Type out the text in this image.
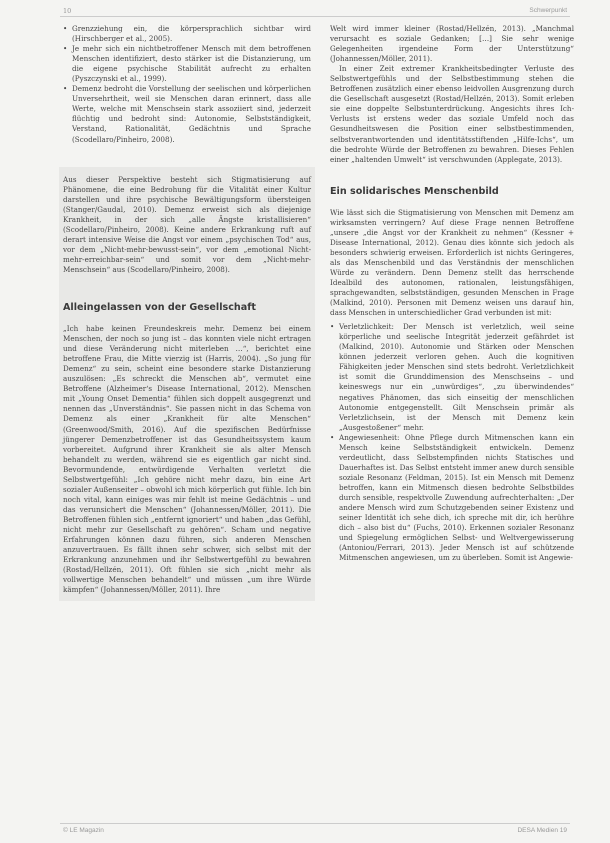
10	Schwerpunkt
• Grenzziehung ein, die körpersprachlich sichtbar wird (Hirschberger et al., 2005).
• Je mehr sich ein nichtbetroffener Mensch mit dem betroffenen Menschen identifiziert, desto stärker ist die Distanzierung, um die eigene psychische Stabilität aufrecht zu erhalten (Pyszczynski et al., 1999).
• Demenz bedroht die Vorstellung der seelischen und körperlichen Unversehrtheit, weil sie Menschen daran erinnert, dass alle Werte, welche mit Menschsein stark assoziiert sind, jederzeit flüchtig und bedroht sind: Autonomie, Selbstständigkeit, Verstand, Rationalität, Gedächtnis und Sprache (Scodellaro/Pinheiro, 2008).

Aus dieser Perspektive besteht sich Stigmatisierung auf Phänomene, die eine Bedrohung für die Vitalität einer Kultur darstellen und ihre psychische Bewältigungsform übersteigen (Stanger/Gaudal, 2010). Demenz erweist sich als diejenige Krankheit, in der sich „alle Ängste kristallisieren“ (Scodellaro/Pinheiro, 2008). Keine andere Erkrankung ruft auf derart intensive Weise die Angst vor einem „psychischen Tod“ aus, vor dem „Nicht-mehr-bewusst-sein“, vor dem „emotional Nicht-mehr-erreichbar-sein“ und somit vor dem „Nicht-mehr-Menschsein“ aus (Scodellaro/Pinheiro, 2008).

Alleingelassen von der Gesellschaft

„Ich habe keinen Freundeskreis mehr. Demenz bei einem Menschen, der noch so jung ist – das konnten viele nicht ertragen und diese Veränderung nicht miterleben …“, berichtet eine betroffene Frau, die Mitte vierzig ist (Harris, 2004). „So jung für Demenz“ zu sein, scheint eine besondere starke Distanzierung auszulösen: „Es schreckt die Menschen ab“, vermutet eine Betroffene (Alzheimer‘s Disease International, 2012). Menschen mit „Young Onset Dementia“ fühlen sich doppelt ausgegrenzt und nennen das „Unverständnis“. Sie passen nicht in das Schema von Demenz als einer „Krankheit für alte Menschen“ (Greenwood/Smith, 2016). Auf die spezifischen Bedürfnisse jüngerer Demenzbetroffener ist das Gesundheitssystem kaum vorbereitet. Aufgrund ihrer Krankheit sie als alter Mensch behandelt zu werden, während sie es eigentlich gar nicht sind. Bevormundende, entwürdigende Verhalten verletzt die Selbstwertgefühl: „Ich gehöre nicht mehr dazu, bin eine Art sozialer Außenseiter – obwohl ich mich körperlich gut fühle. Ich bin noch vital, kann einiges was mir fehlt ist meine Gedächtnis – und das verunsichert die Menschen“ (Johannessen/Möller, 2011). Die Betroffenen fühlen sich „entfernt ignoriert“ und haben „das Gefühl, nicht mehr zur Gesellschaft zu gehören“. Scham und negative Erfahrungen können dazu führen, sich anderen Menschen anzuvertrauen. Es fällt ihnen sehr schwer, sich selbst mit der Erkrankung anzunehmen und ihr Selbstwertgefühl zu bewahren (Rostad/Hellzén, 2011). Oft fühlen sie sich „nicht mehr als vollwertige Menschen behandelt“ und müssen „um ihre Würde kämpfen“ (Johannessen/Möller, 2011). Ihre

Welt wird immer kleiner (Rostad/Hellzén, 2013). „Manchmal verursacht es soziale Gedanken; […] Sie sehr wenige Gelegenheiten irgendeine Form der Unterstützung“ (Johannessen/Möller, 2011).

In einer Zeit extremer Krankheitsbedingter Verluste des Selbstwertgefühls und der Selbstbestimmung stehen die Betroffenen zusätzlich einer ebenso leidvollen Ausgrenzung durch die Gesellschaft ausgesetzt (Rostad/Hellzén, 2013). Somit erleben sie eine doppelte Selbstunterdrückung. Angesichts ihres Ich-Verlusts ist erstens weder das soziale Umfeld noch das Gesundheitswesen die Position einer selbstbestimmenden, selbstverantwortenden und identitätsstiftenden „Hilfe-Ichs“, um die bedrohte Würde der Betroffenen zu bewahren. Dieses Fehlen einer „haltenden Umwelt“ ist verschwunden (Applegate, 2013).

Ein solidarisches Menschenbild

Wie lässt sich die Stigmatisierung von Menschen mit Demenz am wirksamsten verringern? Auf diese Frage nennen Betroffene „unsere „die Angst vor der Krankheit zu nehmen“ (Kessner + Disease International, 2012). Genau dies könnte sich jedoch als besonders schwierig erweisen. Erforderlich ist nichts Geringeres, als das Menschenbild und das Verständnis der menschlichen Würde zu verändern. Denn Demenz stellt das herrschende Idealbild des autonomen, rationalen, leistungsfähigen, sprachgewandten, selbstständigen, gesunden Menschen in Frage (Malkind, 2010). Personen mit Demenz weisen uns darauf hin, dass Menschen in unterschiedlicher Grad verbunden ist mit:

• Verletzlichkeit: Der Mensch ist verletzlich, weil seine körperliche und seelische Integrität jederzeit gefährdet ist (Malkind, 2010). Autonomie und Stärken oder Menschen können jederzeit verloren gehen. Auch die kognitiven Fähigkeiten jeder Menschen sind stets bedroht. Verletzlichkeit ist somit die Grunddimension des Menschseins – und keineswegs nur ein „unwürdiges“, „zu überwindendes“ negatives Phänomen, das sich einseitig der menschlichen Autonomie entgegenstellt. Gilt Menschsein primär als Verletzlichsein, ist der Mensch mit Demenz kein „Ausgestoßener“ mehr.
• Angewiesenheit: Ohne Pflege durch Mitmenschen kann ein Mensch keine Selbstständigkeit entwickeln. Demenz verdeutlicht, dass Selbstempfinden nichts Statisches und Dauerhaftes ist. Das Selbst entsteht immer anew durch sensible soziale Resonanz (Feldman, 2015). Ist ein Mensch mit Demenz betroffen, kann ein Mitmensch diesen bedrohte Selbstbildes durch sensible, respektvolle Zuwendung aufrechterhalten: „Der andere Mensch wird zum Schutzgebenden seiner Existenz und seiner Identität ich sehe dich, ich spreche mit dir, ich herühre dich – also bist du“ (Fuchs, 2010). Erkennen sozialer Resonanz und Spiegelung ermöglichen Selbst- und Weltvergewisserung (Antoniou/Ferrari, 2013). Jeder Mensch ist auf schützende Mitmenschen angewiesen, um zu überleben. Somit ist Angewie-
© LE Magazin	DESA Medien 19
